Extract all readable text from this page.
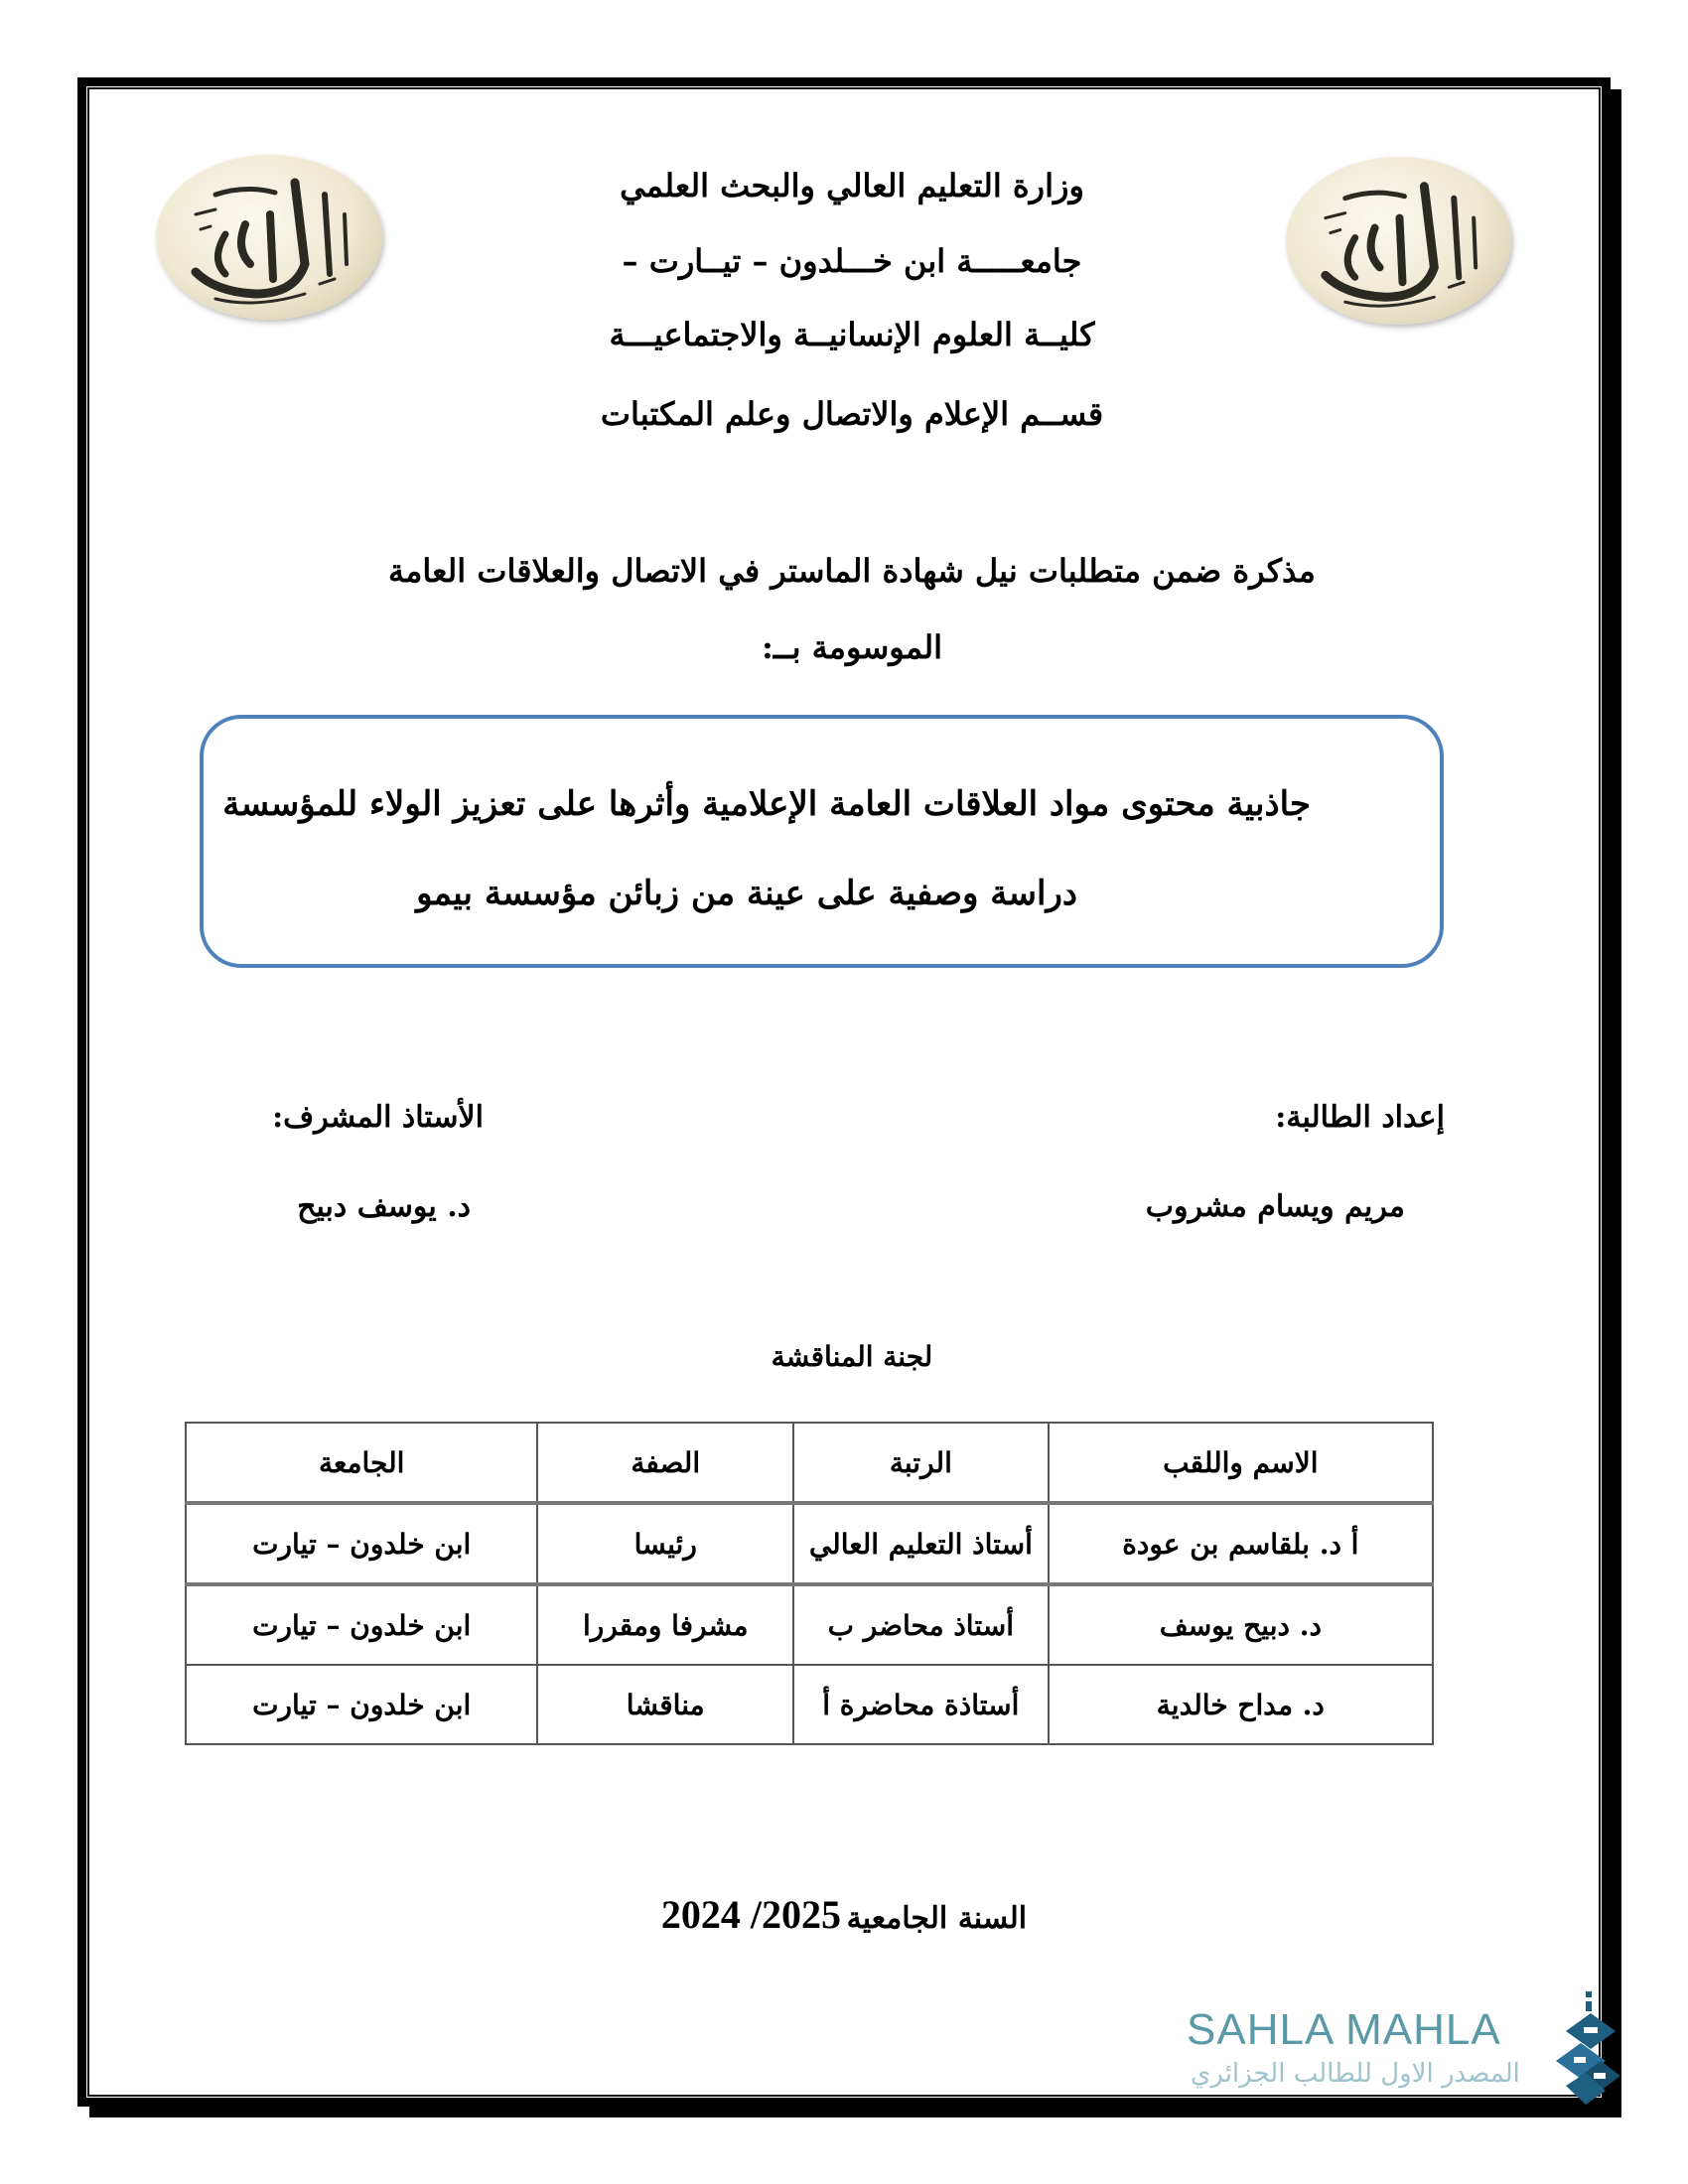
وزارة التعليم العالي والبحث العلمي
جامعـــــة ابن خـــلدون – تيــارت –
كليــة العلوم الإنسانيــة والاجتماعيـــة
قســم الإعلام والاتصال وعلم المكتبات
مذكرة ضمن متطلبات نيل شهادة الماستر في الاتصال والعلاقات العامة
الموسومة بــ:
جاذبية محتوى مواد العلاقات العامة الإعلامية وأثرها على تعزيز الولاء للمؤسسة
دراسة وصفية على عينة من زبائن مؤسسة بيمو
إعداد الطالبة:
الأستاذ المشرف:
مريم ويسام مشروب
د. يوسف دبيح
لجنة المناقشة
الاسم واللقب	الرتبة	الصفة	الجامعة
أ د. بلقاسم بن عودة	أستاذ التعليم العالي	رئيسا	ابن خلدون – تيارت
د. دبيح يوسف	أستاذ محاضر ب	مشرفا ومقررا	ابن خلدون – تيارت
د. مداح خالدية	أستاذة محاضرة أ	مناقشا	ابن خلدون – تيارت
السنة الجامعية 2024 /2025
SAHLA MAHLA
المصدر الاول للطالب الجزائري
